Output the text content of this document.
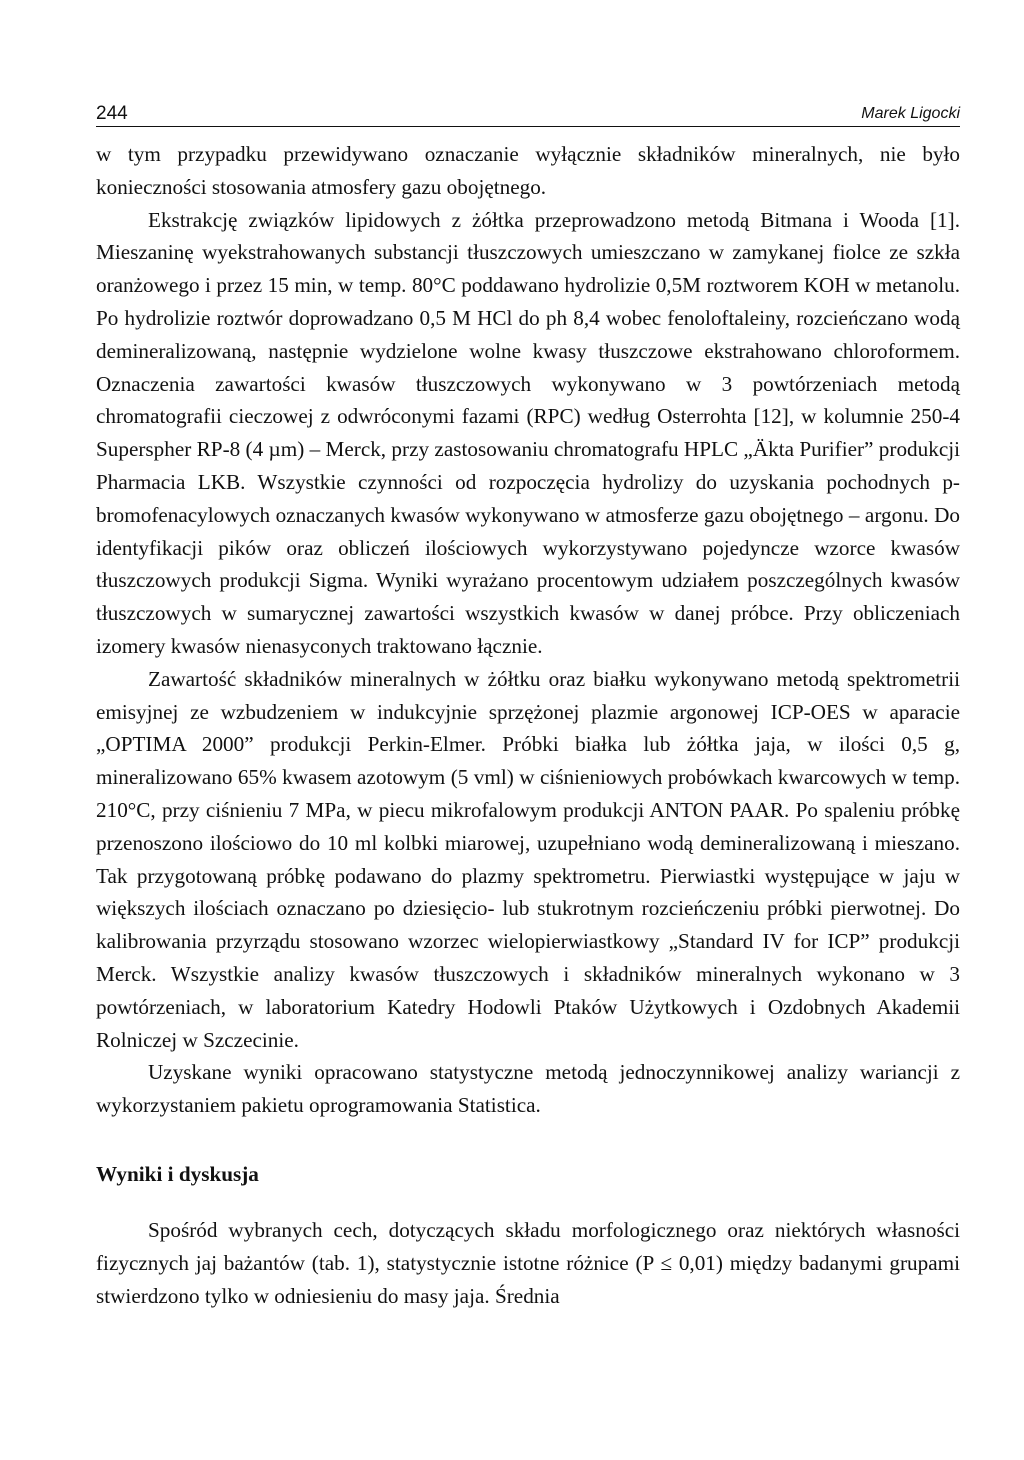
244	Marek Ligocki

w tym przypadku przewidywano oznaczanie wyłącznie składników mineralnych, nie było konieczności stosowania atmosfery gazu obojętnego.

Ekstrakcję związków lipidowych z żółtka przeprowadzono metodą Bitmana i Wooda [1]. Mieszaninę wyekstrahowanych substancji tłuszczowych umieszczano w zamykanej fiolce ze szkła oranżowego i przez 15 min, w temp. 80°C poddawano hydrolizie 0,5M roztworem KOH w metanolu. Po hydrolizie roztwór doprowadzano 0,5 M HCl do ph 8,4 wobec fenoloftaleiny, rozcieńczano wodą demineralizowaną, następnie wydzielone wolne kwasy tłuszczowe ekstrahowano chloroformem. Oznaczenia zawartości kwasów tłuszczowych wykonywano w 3 powtórzeniach metodą chromatografii cieczowej z odwróconymi fazami (RPC) według Osterrohta [12], w kolumnie 250-4 Superspher RP-8 (4 µm) – Merck, przy zastosowaniu chromatografu HPLC „Äkta Purifier” produkcji Pharmacia LKB. Wszystkie czynności od rozpoczęcia hydrolizy do uzyskania pochodnych p-bromofenacylowych oznaczanych kwasów wykonywano w atmosferze gazu obojętnego – argonu. Do identyfikacji pików oraz obliczeń ilościowych wykorzystywano pojedyncze wzorce kwasów tłuszczowych produkcji Sigma. Wyniki wyrażano procentowym udziałem poszczególnych kwasów tłuszczowych w sumarycznej zawartości wszystkich kwasów w danej próbce. Przy obliczeniach izomery kwasów nienasyconych traktowano łącznie.

Zawartość składników mineralnych w żółtku oraz białku wykonywano metodą spektrometrii emisyjnej ze wzbudzeniem w indukcyjnie sprzężonej plazmie argonowej ICP-OES w aparacie „OPTIMA 2000” produkcji Perkin-Elmer. Próbki białka lub żółtka jaja, w ilości 0,5 g, mineralizowano 65% kwasem azotowym (5 vml) w ciśnieniowych probówkach kwarcowych w temp. 210°C, przy ciśnieniu 7 MPa, w piecu mikrofalowym produkcji ANTON PAAR. Po spaleniu próbkę przenoszono ilościowo do 10 ml kolbki miarowej, uzupełniano wodą demineralizowaną i mieszano. Tak przygotowaną próbkę podawano do plazmy spektrometru. Pierwiastki występujące w jaju w większych ilościach oznaczano po dziesięcio- lub stukrotnym rozcieńczeniu próbki pierwotnej. Do kalibrowania przyrządu stosowano wzorzec wielopierwiastkowy „Standard IV for ICP” produkcji Merck. Wszystkie analizy kwasów tłuszczowych i składników mineralnych wykonano w 3 powtórzeniach, w laboratorium Katedry Hodowli Ptaków Użytkowych i Ozdobnych Akademii Rolniczej w Szczecinie.

Uzyskane wyniki opracowano statystyczne metodą jednoczynnikowej analizy wariancji z wykorzystaniem pakietu oprogramowania Statistica.

Wyniki i dyskusja

Spośród wybranych cech, dotyczących składu morfologicznego oraz niektórych własności fizycznych jaj bażantów (tab. 1), statystycznie istotne różnice (P ≤ 0,01) między badanymi grupami stwierdzono tylko w odniesieniu do masy jaja. Średnia
